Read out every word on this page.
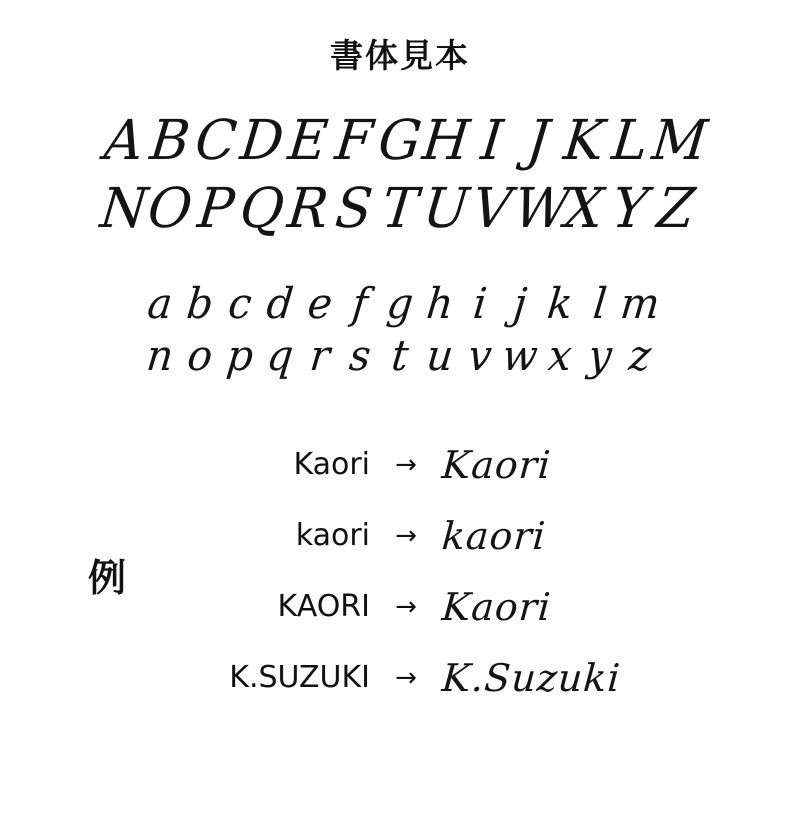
書体見本
A B C
D
E F G
H I J K L
M
N
O P Q
R S T U
V
W
X Y Z
a b c d e f g h i j k l m
n o p q r s t u v w x y z
例
Kaori → Kaori
kaori → kaori
KAORI → Kaori
K.SUZUKI → K.Suzuki
